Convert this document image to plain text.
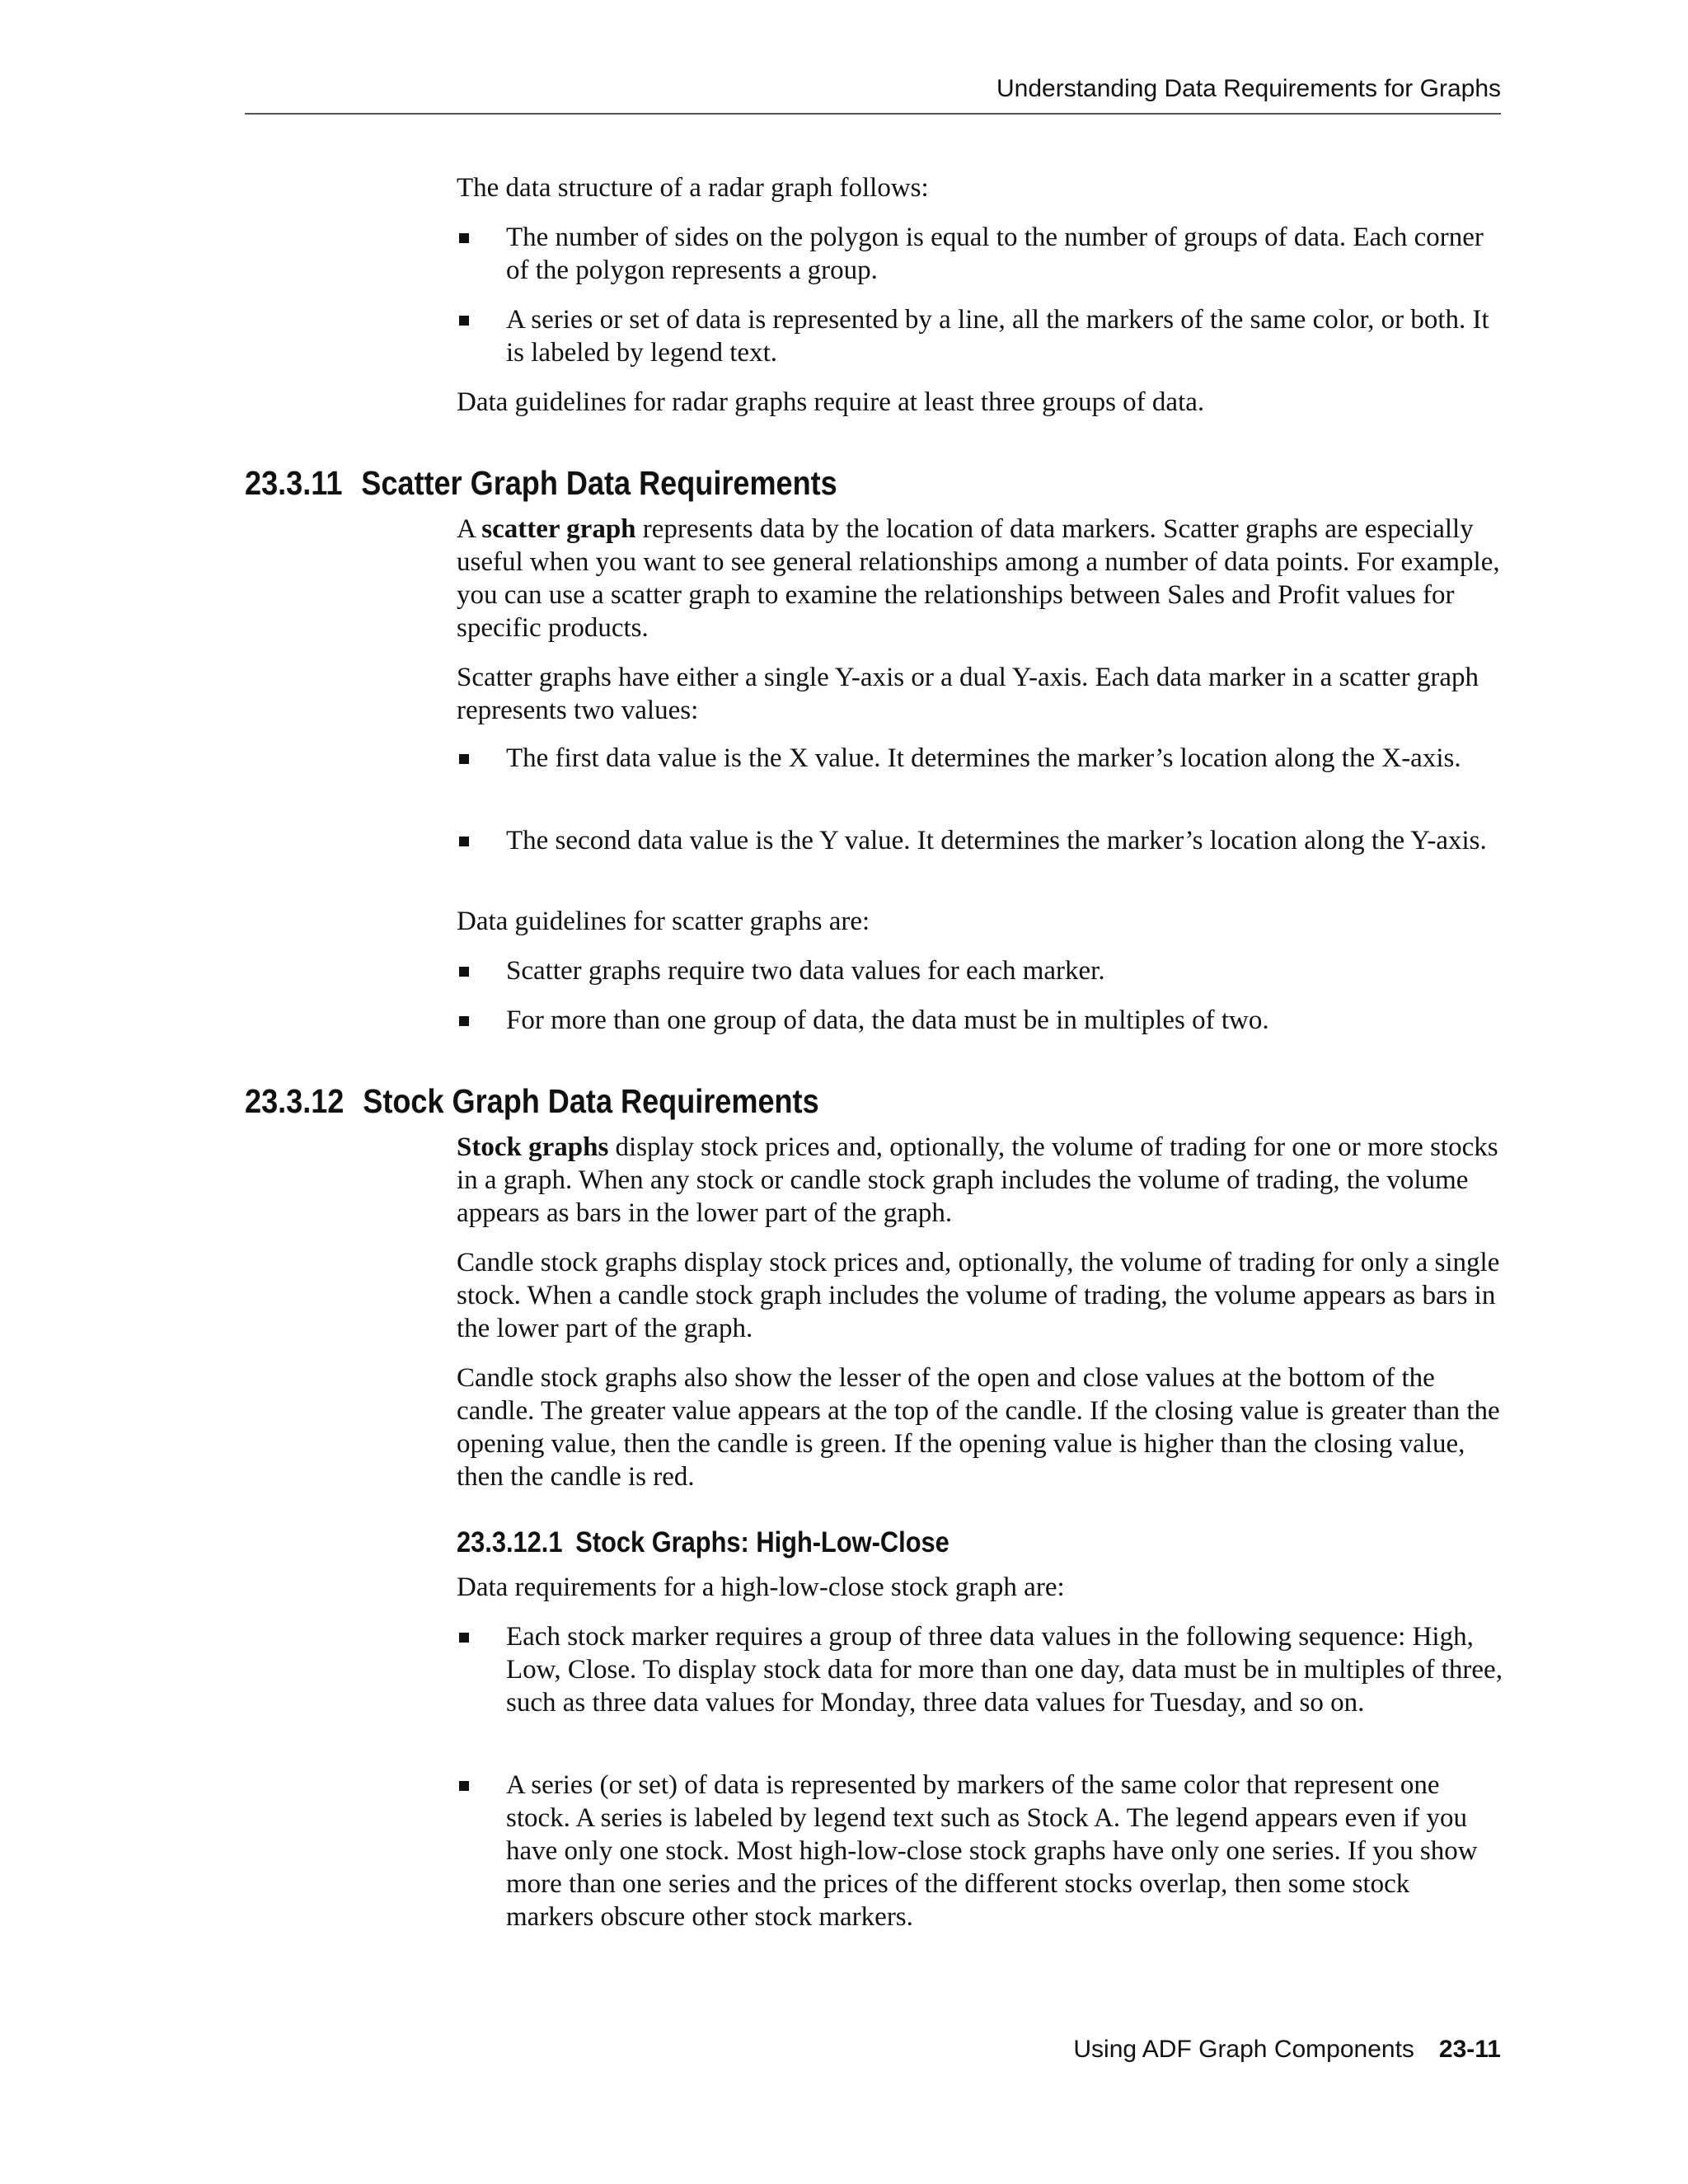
Understanding Data Requirements for Graphs

The data structure of a radar graph follows:

The number of sides on the polygon is equal to the number of groups of data. Each corner of the polygon represents a group.
A series or set of data is represented by a line, all the markers of the same color, or both. It is labeled by legend text.

Data guidelines for radar graphs require at least three groups of data.

23.3.11 Scatter Graph Data Requirements

A scatter graph represents data by the location of data markers. Scatter graphs are especially useful when you want to see general relationships among a number of data points. For example, you can use a scatter graph to examine the relationships between Sales and Profit values for specific products.

Scatter graphs have either a single Y-axis or a dual Y-axis. Each data marker in a scatter graph represents two values:

The first data value is the X value. It determines the marker’s location along the X-axis.
The second data value is the Y value. It determines the marker’s location along the Y-axis.

Data guidelines for scatter graphs are:

Scatter graphs require two data values for each marker.
For more than one group of data, the data must be in multiples of two.
23.3.12 Stock Graph Data Requirements

Stock graphs display stock prices and, optionally, the volume of trading for one or more stocks in a graph. When any stock or candle stock graph includes the volume of trading, the volume appears as bars in the lower part of the graph.

Candle stock graphs display stock prices and, optionally, the volume of trading for only a single stock. When a candle stock graph includes the volume of trading, the volume appears as bars in the lower part of the graph.

Candle stock graphs also show the lesser of the open and close values at the bottom of the candle. The greater value appears at the top of the candle. If the closing value is greater than the opening value, then the candle is green. If the opening value is higher than the closing value, then the candle is red.

23.3.12.1 Stock Graphs: High-Low-Close

Data requirements for a high-low-close stock graph are:

Each stock marker requires a group of three data values in the following sequence: High, Low, Close. To display stock data for more than one day, data must be in multiples of three, such as three data values for Monday, three data values for Tuesday, and so on.
A series (or set) of data is represented by markers of the same color that represent one stock. A series is labeled by legend text such as Stock A. The legend appears even if you have only one stock. Most high-low-close stock graphs have only one series. If you show more than one series and the prices of the different stocks overlap, then some stock markers obscure other stock markers.
Using ADF Graph Components 23-11
